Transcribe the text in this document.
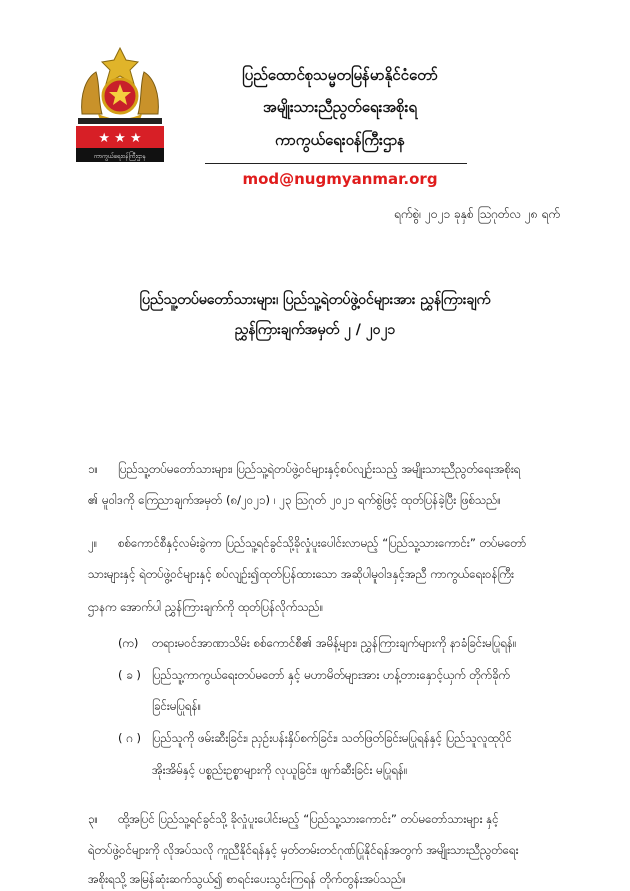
★ ★ ★
ကာကွယ်ရေးဝန်ကြီးဌာန
ပြည်ထောင်စုသမ္မတမြန်မာနိုင်ငံတော်
အမျိုးသားညီညွတ်ရေးအစိုးရ
ကာကွယ်ရေးဝန်ကြီးဌာန
mod@nugmyanmar.org
ရက်စွဲ၊ ၂၀၂၁ ခုနှစ် ဩဂုတ်လ ၂၈ ရက်
ပြည်သူ့တပ်မတော်သားများ၊ ပြည်သူ့ရဲတပ်ဖွဲ့ဝင်များအား ညွှန်ကြားချက်
ညွှန်ကြားချက်အမှတ် ၂ / ၂၀၂၁
၁။ ပြည်သူ့တပ်မတော်သားများ၊ ပြည်သူ့ရဲတပ်ဖွဲ့ဝင်များနှင့်စပ်လျဉ်းသည့် အမျိုးသားညီညွတ်ရေးအစိုးရ
၏ မူဝါဒကို ကြေညာချက်အမှတ် (၈/၂၀၂၁) ၊ ၂၃ ဩဂုတ် ၂၀၂၁ ရက်စွဲဖြင့် ထုတ်ပြန်ခဲ့ပြီး ဖြစ်သည်။
၂။ စစ်ကောင်စီနှင့်လမ်းခွဲကာ ပြည်သူ့ရင်ခွင်သို့ခိုလှုံပူးပေါင်းလာမည့် “ပြည်သူ့သားကောင်း” တပ်မတော်
သားများနှင့် ရဲတပ်ဖွဲ့ဝင်များနှင့် စပ်လျဉ်း၍ထုတ်ပြန်ထားသော အဆိုပါမူဝါဒနှင့်အညီ ကာကွယ်ရေးဝန်ကြီး
ဌာနက အောက်ပါ ညွှန်ကြားချက်ကို ထုတ်ပြန်လိုက်သည်။
(က) တရားမဝင်အာဏာသိမ်း စစ်ကောင်စီ၏ အမိန့်များ၊ ညွှန်ကြားချက်များကို နာခံခြင်းမပြုရန်။
( ခ ) ပြည်သူ့ကာကွယ်ရေးတပ်မတော် နှင့် မဟာမိတ်များအား ဟန့်တားနှောင့်ယှက် တိုက်ခိုက်
ခြင်းမပြုရန်။
( ဂ ) ပြည်သူကို ဖမ်းဆီးခြင်း၊ ညှဉ်းပန်းနှိပ်စက်ခြင်း၊ သတ်ဖြတ်ခြင်းမပြုရန်နှင့် ပြည်သူလူထုပိုင်
အိုးအိမ်နှင့် ပစ္စည်းဥစ္စာများကို လုယူခြင်း၊ ဖျက်ဆီးခြင်း မပြုရန်။
၃။ ထို့အပြင် ပြည်သူ့ရင်ခွင်သို့ ခိုလှုံပူးပေါင်းမည့် “ပြည်သူ့သားကောင်း” တပ်မတော်သားများ နှင့်
ရဲတပ်ဖွဲ့ဝင်များကို လိုအပ်သလို ကူညီနိုင်ရန်နှင့် မှတ်တမ်းတင်ဂုဏ်ပြုနိုင်ရန်အတွက် အမျိုးသားညီညွတ်ရေး
အစိုးရသို့ အမြန်ဆုံးဆက်သွယ်၍ စာရင်းပေးသွင်းကြရန် တိုက်တွန်းအပ်သည်။
